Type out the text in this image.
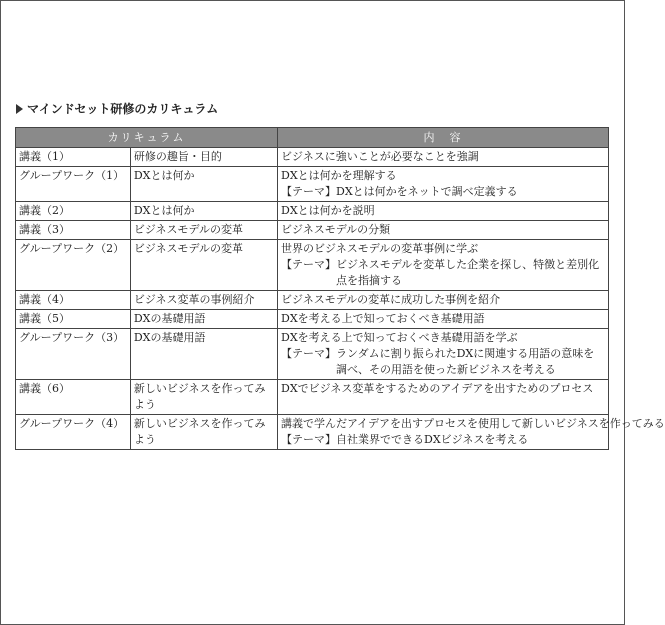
マインドセット研修のカリキュラム
カリキュラム		内　容
講義（1）	研修の趣旨・目的	ビジネスに強いことが必要なことを強調

グループワーク（1）	DXとは何か	DXとは何かを理解する
【テーマ】 DXとは何かをネットで調べ定義する

講義（2）	DXとは何か	DXとは何かを説明

講義（3）	ビジネスモデルの変革	ビジネスモデルの分類

グループワーク（2）	ビジネスモデルの変革	世界のビジネスモデルの変革事例に学ぶ
【テーマ】 ビジネスモデルを変革した企業を探し、特徴と差別化点を指摘する

講義（4）	ビジネス変革の事例紹介	ビジネスモデルの変革に成功した事例を紹介

講義（5）	DXの基礎用語	DXを考える上で知っておくべき基礎用語

グループワーク（3）	DXの基礎用語	DXを考える上で知っておくべき基礎用語を学ぶ
【テーマ】 ランダムに割り振られたDXに関連する用語の意味を調べ、その用語を使った新ビジネスを考える

講義（6）	新しいビジネスを作ってみよう	DXでビジネス変革をするためのアイデアを出すためのプロセス

グループワーク（4）	新しいビジネスを作ってみよう	講義で学んだアイデアを出すプロセスを使用して新しいビジネスを作ってみる
【テーマ】 自社業界でできるDXビジネスを考える
